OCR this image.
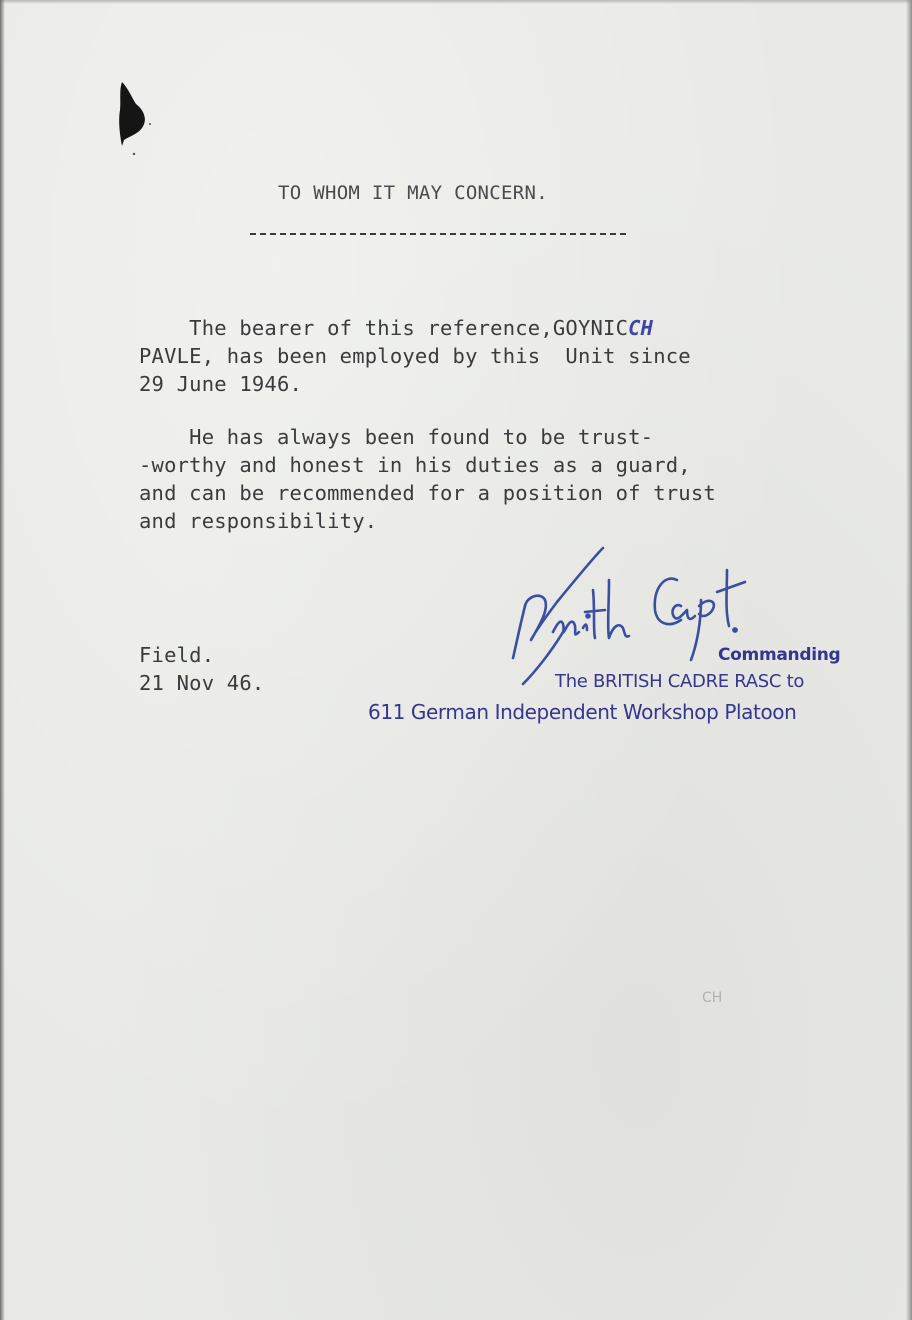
TO WHOM IT MAY CONCERN.
The bearer of this reference,GOYNICCH
PAVLE, has been employed by this  Unit since
29 June 1946.
He has always been found to be trust-
-worthy and honest in his duties as a guard,
and can be recommended for a position of trust
and responsibility.
Field.
21 Nov 46.
Commanding
The BRITISH CADRE RASC to
611 German Independent Workshop Platoon
CH
